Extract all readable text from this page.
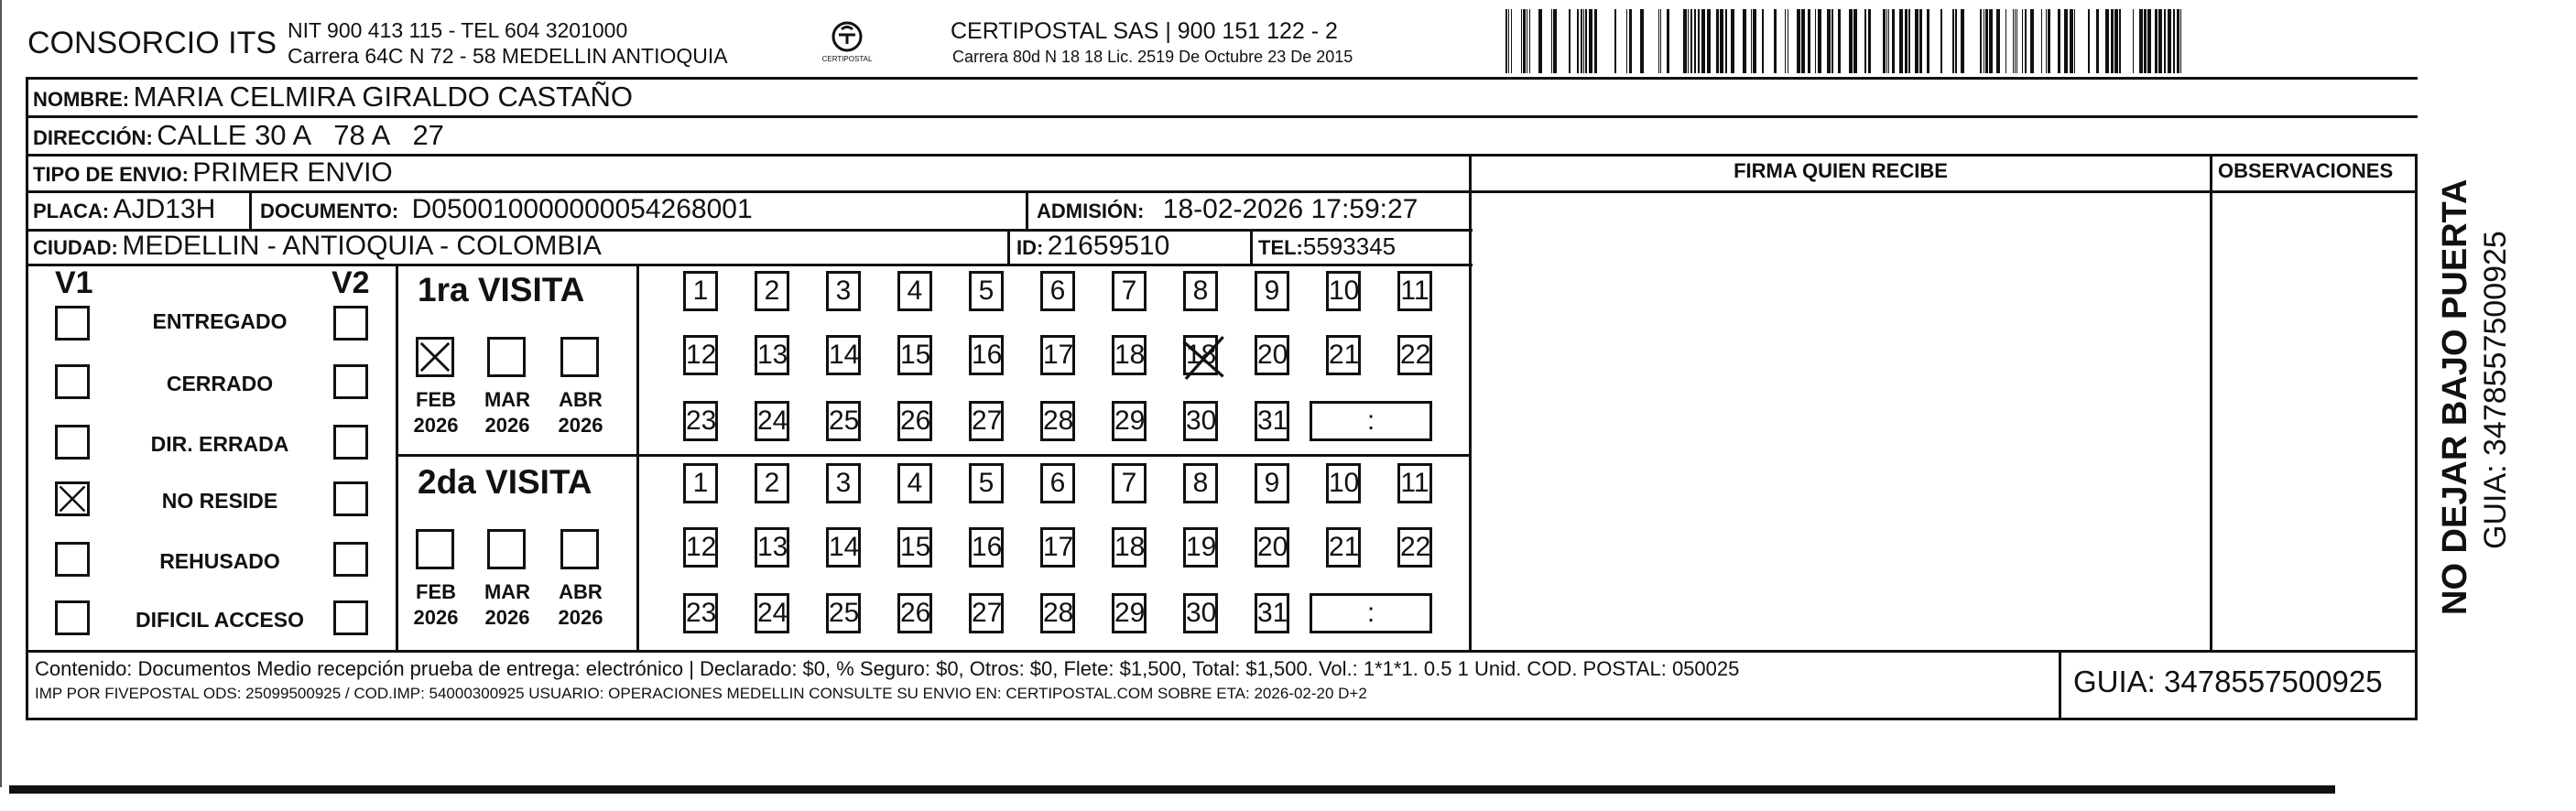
CONSORCIO ITS NIT 900 413 115 - TEL 604 3201000
Carrera 64C N 72 - 58 MEDELLIN ANTIOQUIA	CERTIPOSTAL
CERTIPOSTAL SAS | 900 151 122 - 2
Carrera 80d N 18 18 Lic. 2519 De Octubre 23 De 2015
NOMBRE: MARIA CELMIRA GIRALDO CASTAÑO
DIRECCIÓN: CALLE 30 A   78 A   27
TIPO DE ENVIO: PRIMER ENVIO
PLACA: AJD13H DOCUMENTO: D050010000000054268001	ADMISIÓN: 18-02-2026 17:59:27
CIUDAD: MEDELLIN - ANTIOQUIA - COLOMBIA	ID: 21659510	TEL:5593345
FIRMA QUIEN RECIBE	OBSERVACIONES
V1	V2
ENTREGADO
CERRADO
DIR. ERRADA
NO RESIDE
REHUSADO
DIFICIL ACCESO
1ra VISITA
FEB
2026
MAR
2026
ABR
2026
1	2	3	4	5	6	7	8	9	10 11
12 13 14 15 16 17 18 18 20 21 22
23 24 25 26 27 28 29 30 31	:
2da VISITA
FEB
2026
MAR
2026
ABR
2026
1	2	3	4	5	6	7	8	9	10 11
12 13 14 15 16 17 18 19 20 21 22
23 24 25 26 27 28 29 30 31	:
Contenido: Documentos Medio recepción prueba de entrega: electrónico | Declarado: $0, % Seguro: $0, Otros: $0, Flete: $1,500, Total: $1,500. Vol.: 1*1*1. 0.5 1 Unid. COD. POSTAL: 050025
IMP POR FIVEPOSTAL ODS: 25099500925 / COD.IMP: 54000300925 USUARIO: OPERACIONES MEDELLIN CONSULTE SU ENVIO EN: CERTIPOSTAL.COM SOBRE ETA: 2026-02-20 D+2	GUIA: 3478557500925
NO DEJAR BAJO PUERTA GUIA: 3478557500925
